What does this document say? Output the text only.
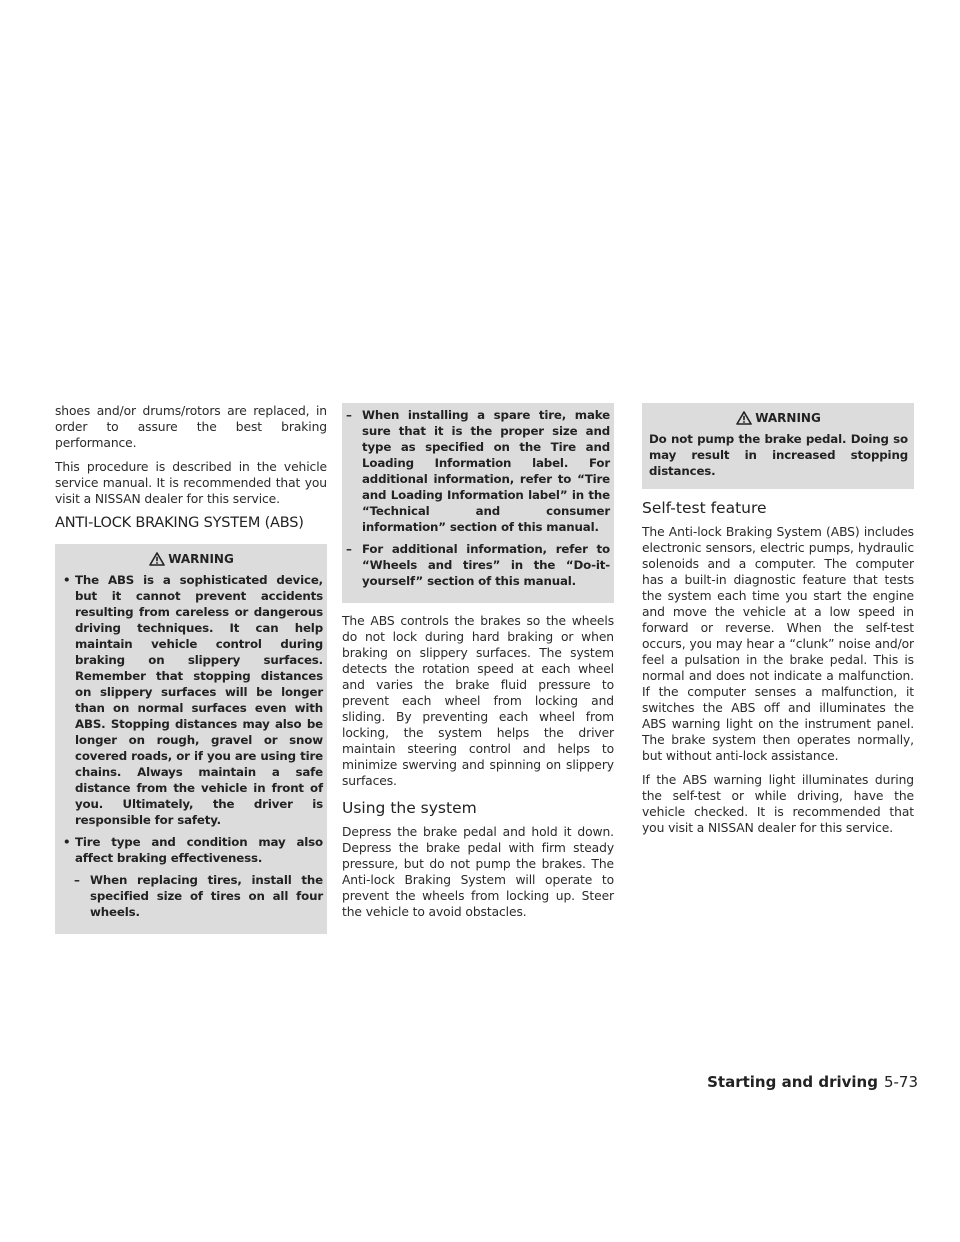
shoes and/or drums/rotors are replaced, in order to assure the best braking performance.

This procedure is described in the vehicle service manual. It is recommended that you visit a NISSAN dealer for this service.

ANTI-LOCK BRAKING SYSTEM (ABS)
WARNING
• The ABS is a sophisticated device, but it cannot prevent accidents resulting from careless or dangerous driving techniques. It can help maintain vehicle control during braking on slippery surfaces. Remember that stopping distances on slippery surfaces will be longer than on normal surfaces even with ABS. Stopping distances may also be longer on rough, gravel or snow covered roads, or if you are using tire chains. Always maintain a safe distance from the vehicle in front of you. Ultimately, the driver is responsible for safety.
• Tire type and condition may also affect braking effectiveness.
– When replacing tires, install the specified size of tires on all four wheels.
– When installing a spare tire, make sure that it is the proper size and type as specified on the Tire and Loading Information label. For additional information, refer to “Tire and Loading Information label” in the “Technical and consumer information” section of this manual.
– For additional information, refer to “Wheels and tires” in the “Do-it-yourself” section of this manual.

The ABS controls the brakes so the wheels do not lock during hard braking or when braking on slippery surfaces. The system detects the rotation speed at each wheel and varies the brake fluid pressure to prevent each wheel from locking and sliding. By preventing each wheel from locking, the system helps the driver maintain steering control and helps to minimize swerving and spinning on slippery surfaces.

Using the system

Depress the brake pedal and hold it down. Depress the brake pedal with firm steady pressure, but do not pump the brakes. The Anti-lock Braking System will operate to prevent the wheels from locking up. Steer the vehicle to avoid obstacles.

WARNING
Do not pump the brake pedal. Doing so may result in increased stopping distances.
Self-test feature

The Anti-lock Braking System (ABS) includes electronic sensors, electric pumps, hydraulic solenoids and a computer. The computer has a built-in diagnostic feature that tests the system each time you start the engine and move the vehicle at a low speed in forward or reverse. When the self-test occurs, you may hear a “clunk” noise and/or feel a pulsation in the brake pedal. This is normal and does not indicate a malfunction. If the computer senses a malfunction, it switches the ABS off and illuminates the ABS warning light on the instrument panel. The brake system then operates normally, but without anti-lock assistance.

If the ABS warning light illuminates during the self-test or while driving, have the vehicle checked. It is recommended that you visit a NISSAN dealer for this service.

Starting and driving 5-73
